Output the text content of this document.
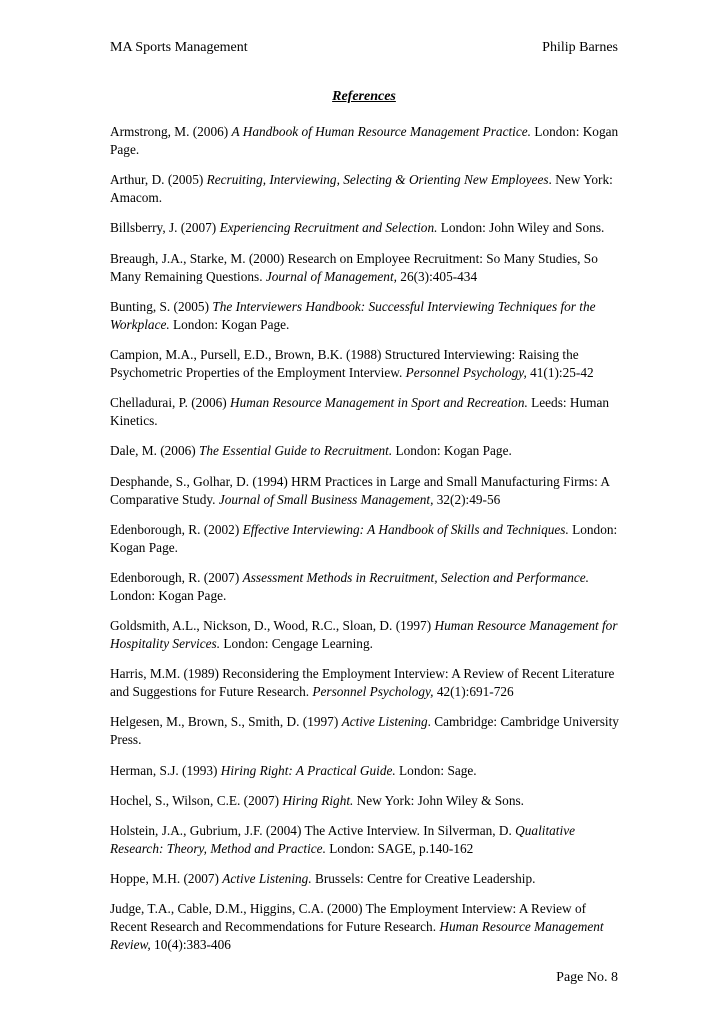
MA Sports Management	Philip Barnes
References

Armstrong, M. (2006) A Handbook of Human Resource Management Practice. London: Kogan Page.

Arthur, D. (2005) Recruiting, Interviewing, Selecting & Orienting New Employees. New York: Amacom.

Billsberry, J. (2007) Experiencing Recruitment and Selection. London: John Wiley and Sons.

Breaugh, J.A., Starke, M. (2000) Research on Employee Recruitment: So Many Studies, So Many Remaining Questions. Journal of Management, 26(3):405-434

Bunting, S. (2005) The Interviewers Handbook: Successful Interviewing Techniques for the Workplace. London: Kogan Page.

Campion, M.A., Pursell, E.D., Brown, B.K. (1988) Structured Interviewing: Raising the Psychometric Properties of the Employment Interview. Personnel Psychology, 41(1):25-42

Chelladurai, P. (2006) Human Resource Management in Sport and Recreation. Leeds: Human Kinetics.

Dale, M. (2006) The Essential Guide to Recruitment. London: Kogan Page.

Desphande, S., Golhar, D. (1994) HRM Practices in Large and Small Manufacturing Firms: A Comparative Study. Journal of Small Business Management, 32(2):49-56

Edenborough, R. (2002) Effective Interviewing: A Handbook of Skills and Techniques. London: Kogan Page.

Edenborough, R. (2007) Assessment Methods in Recruitment, Selection and Performance. London: Kogan Page.

Goldsmith, A.L., Nickson, D., Wood, R.C., Sloan, D. (1997) Human Resource Management for Hospitality Services. London: Cengage Learning.

Harris, M.M. (1989) Reconsidering the Employment Interview: A Review of Recent Literature and Suggestions for Future Research. Personnel Psychology, 42(1):691-726

Helgesen, M., Brown, S., Smith, D. (1997) Active Listening. Cambridge: Cambridge University Press.

Herman, S.J. (1993) Hiring Right: A Practical Guide. London: Sage.

Hochel, S., Wilson, C.E. (2007) Hiring Right. New York: John Wiley & Sons.

Holstein, J.A., Gubrium, J.F. (2004) The Active Interview. In Silverman, D. Qualitative Research: Theory, Method and Practice. London: SAGE, p.140-162

Hoppe, M.H. (2007) Active Listening. Brussels: Centre for Creative Leadership.

Judge, T.A., Cable, D.M., Higgins, C.A. (2000) The Employment Interview: A Review of Recent Research and Recommendations for Future Research. Human Resource Management Review, 10(4):383-406

Page No. 8
